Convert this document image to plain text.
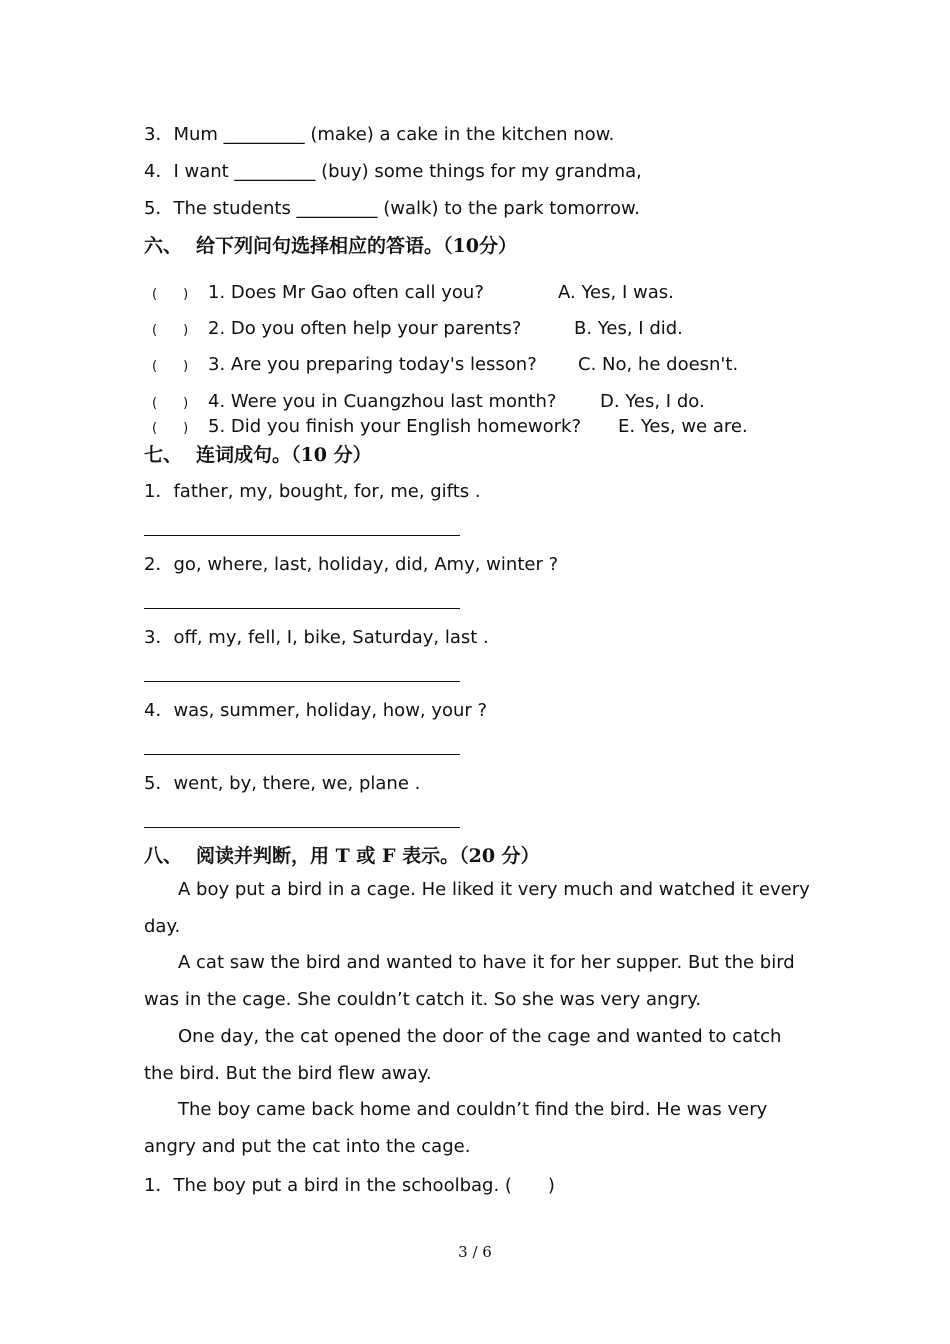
3．Mum _________ (make) a cake in the kitchen now.
4．I want _________ (buy) some things for my grandma,
5．The students _________ (walk) to the park tomorrow.
六、 给下列问句选择相应的答语。（10分）
(　　) 1. Does Mr Gao often call you?	A. Yes, I was.
(　　) 2. Do you often help your parents?	B. Yes, I did.
(　　) 3. Are you preparing today's lesson? C. No, he doesn't.
(　　) 4. Were you in Cuangzhou last month? D. Yes, I do.
(　　) 5. Did you finish your English homework? E. Yes, we are.
七、 连词成句。（10 分）
1．father, my, bought, for, me, gifts .
2．go, where, last, holiday, did, Amy, winter ?
3．off, my, fell, I, bike, Saturday, last .
4．was, summer, holiday, how, your ?
5．went, by, there, we, plane .
八、 阅读并判断，用 T 或 F 表示。（20 分）
A boy put a bird in a cage. He liked it very much and watched it every day.
A cat saw the bird and wanted to have it for her supper. But the bird was in the cage. She couldn’t catch it. So she was very angry.
One day, the cat opened the door of the cage and wanted to catch the bird. But the bird flew away.
The boy came back home and couldn’t find the bird. He was very angry and put the cat into the cage.
1．The boy put a bird in the schoolbag. (　　)
3 / 6
